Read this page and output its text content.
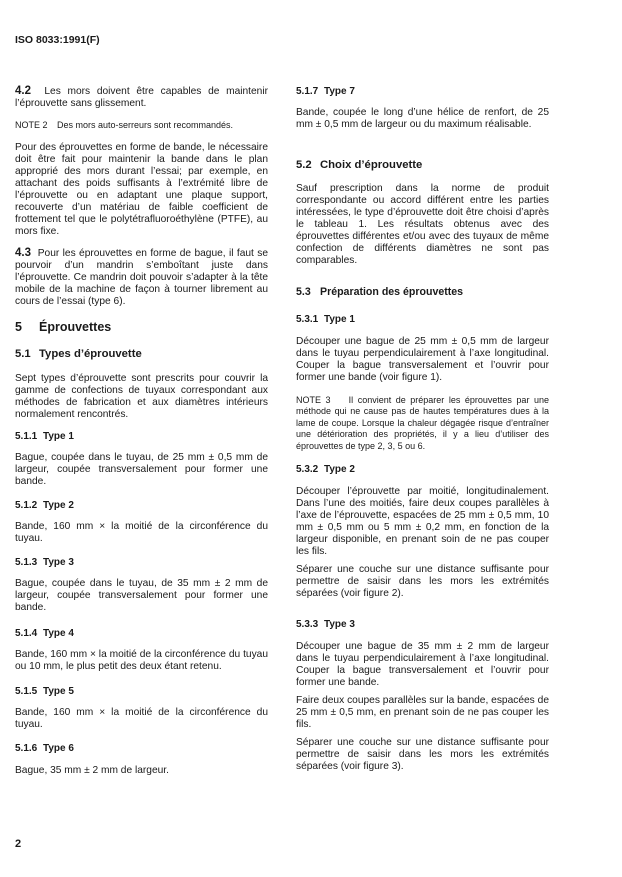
ISO 8033:1991(F)

4.2 Les mors doivent être capables de maintenir l’éprouvette sans glissement.

NOTE 2 Des mors auto-serreurs sont recommandés.

Pour des éprouvettes en forme de bande, le nécessaire doit être fait pour maintenir la bande dans le plan approprié des mors durant l’essai; par exemple, en attachant des poids suffisants à l’extrémité libre de l’éprouvette ou en adaptant une plaque support, recouverte d’un matériau de faible coefficient de frottement tel que le polytétrafluoroéthylène (PTFE), au mors fixe.

4.3 Pour les éprouvettes en forme de bague, il faut se pourvoir d’un mandrin s’emboîtant juste dans l’éprouvette. Ce mandrin doit pouvoir s’adapter à la tête mobile de la machine de façon à tourner librement au cours de l’essai (type 6).

5 Éprouvettes

5.1 Types d’éprouvette

Sept types d’éprouvette sont prescrits pour couvrir la gamme de confections de tuyaux correspondant aux méthodes de fabrication et aux diamètres intérieurs normalement rencontrés.

5.1.1 Type 1

Bague, coupée dans le tuyau, de 25 mm ± 0,5 mm de largeur, coupée transversalement pour former une bande.

5.1.2 Type 2

Bande, 160 mm × la moitié de la circonférence du tuyau.

5.1.3 Type 3

Bague, coupée dans le tuyau, de 35 mm ± 2 mm de largeur, coupée transversalement pour former une bande.

5.1.4 Type 4

Bande, 160 mm × la moitié de la circonférence du tuyau ou 10 mm, le plus petit des deux étant retenu.

5.1.5 Type 5

Bande, 160 mm × la moitié de la circonférence du tuyau.

5.1.6 Type 6

Bague, 35 mm ± 2 mm de largeur.

5.1.7 Type 7

Bande, coupée le long d’une hélice de renfort, de 25 mm ± 0,5 mm de largeur ou du maximum réalisable.

5.2 Choix d’éprouvette

Sauf prescription dans la norme de produit correspondante ou accord différent entre les parties intéressées, le type d’éprouvette doit être choisi d’après le tableau 1. Les résultats obtenus avec des éprouvettes différentes et/ou avec des tuyaux de même confection de différents diamètres ne sont pas comparables.

5.3 Préparation des éprouvettes

5.3.1 Type 1

Découper une bague de 25 mm ± 0,5 mm de largeur dans le tuyau perpendiculairement à l’axe longitudinal. Couper la bague transversalement et l’ouvrir pour former une bande (voir figure 1).

NOTE 3 Il convient de préparer les éprouvettes par une méthode qui ne cause pas de hautes températures dues à la lame de coupe. Lorsque la chaleur dégagée risque d’entraîner une détérioration des propriétés, il y a lieu d’utiliser des éprouvettes de type 2, 3, 5 ou 6.

5.3.2 Type 2

Découper l’éprouvette par moitié, longitudinalement. Dans l’une des moitiés, faire deux coupes parallèles à l’axe de l’éprouvette, espacées de 25 mm ± 0,5 mm, 10 mm ± 0,5 mm ou 5 mm ± 0,2 mm, en fonction de la largeur disponible, en prenant soin de ne pas couper les fils.

Séparer une couche sur une distance suffisante pour permettre de saisir dans les mors les extrémités séparées (voir figure 2).

5.3.3 Type 3

Découper une bague de 35 mm ± 2 mm de largeur dans le tuyau perpendiculairement à l’axe longitudinal. Couper la bague transversalement et l’ouvrir pour former une bande.

Faire deux coupes parallèles sur la bande, espacées de 25 mm ± 0,5 mm, en prenant soin de ne pas couper les fils.

Séparer une couche sur une distance suffisante pour permettre de saisir dans les mors les extrémités séparées (voir figure 3).

2
